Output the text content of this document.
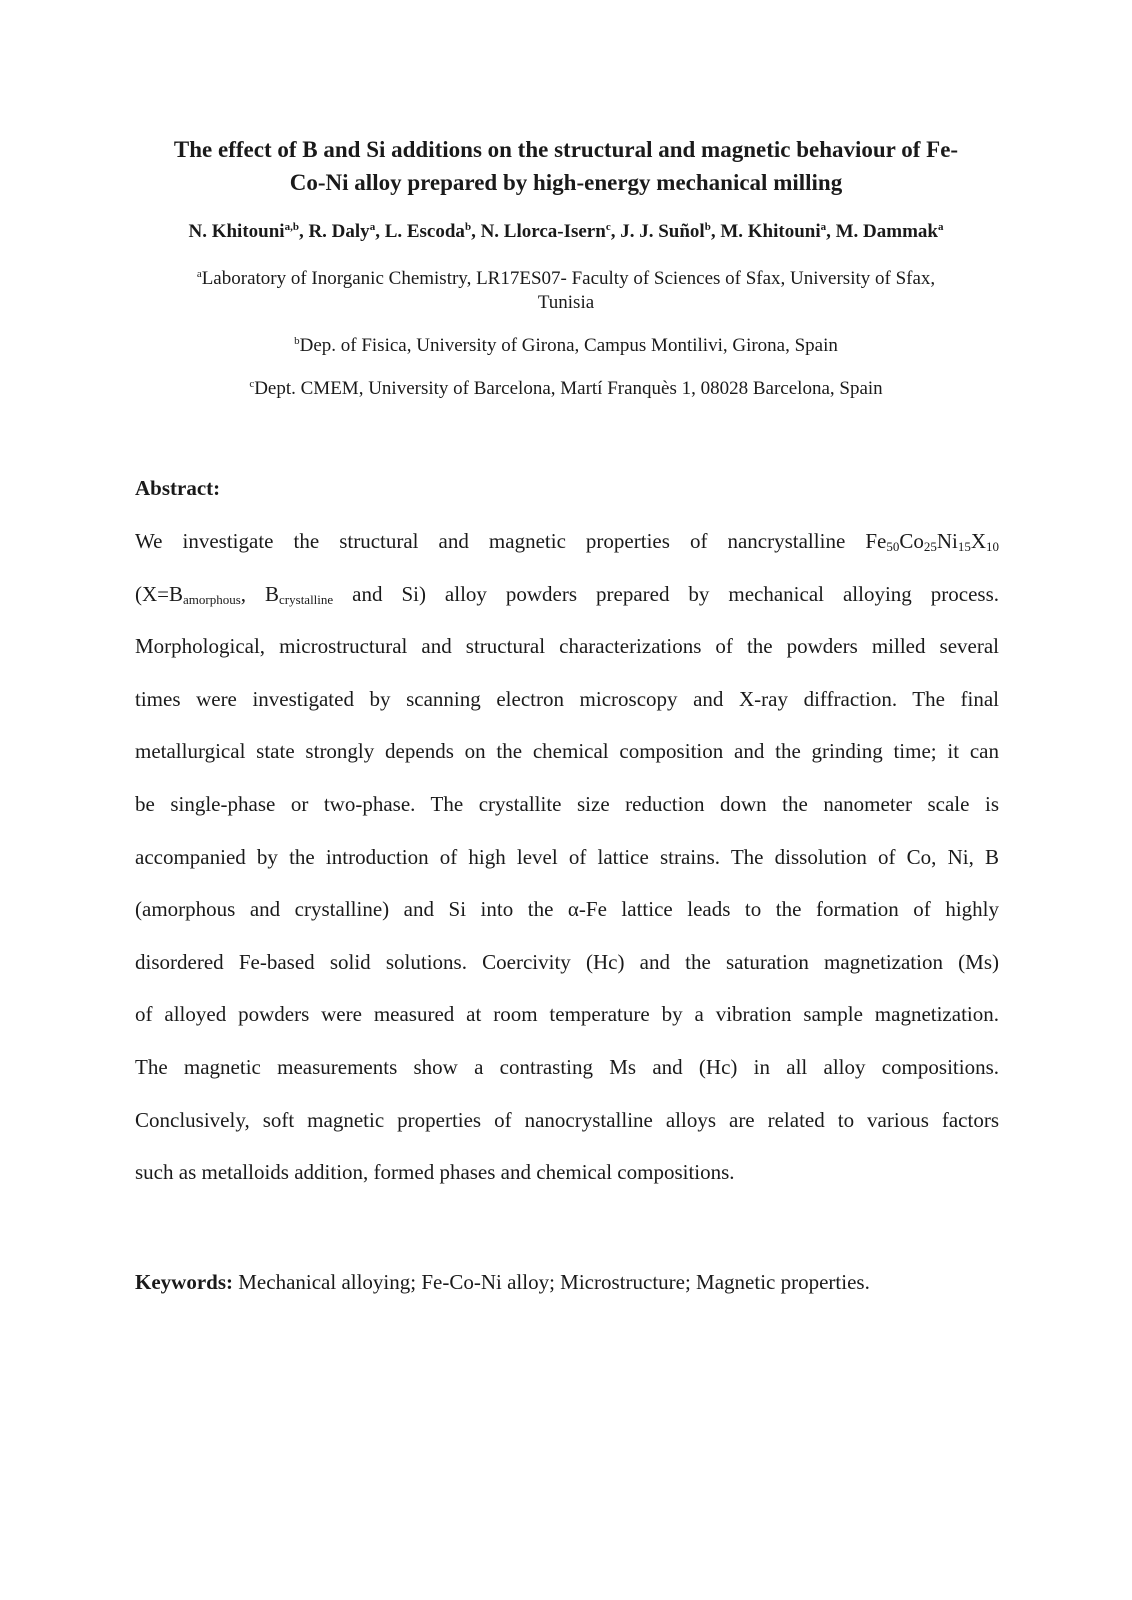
The effect of B and Si additions on the structural and magnetic behaviour of Fe-
Co-Ni alloy prepared by high-energy mechanical milling
N. Khitouni$^{a,b}$, R. Daly$^a$, L. Escoda$^b$, N. Llorca-Isern$^c$, J. J. Suñol$^b$, M. Khitouni$^a$, M. Dammak$^a$
$^a$Laboratory of Inorganic Chemistry, LR17ES07- Faculty of Sciences of Sfax, University of Sfax,
Tunisia
$^b$Dep. of Fisica, University of Girona, Campus Montilivi, Girona, Spain
$^c$Dept. CMEM, University of Barcelona, Martí Franquès 1, 08028 Barcelona, Spain
Abstract:
We investigate the structural and magnetic properties of nancrystalline $Fe_{50}Co_{25}Ni_{15}X_{10}$
($X=B_{amorphous}$, $B_{crystalline}$ and Si) alloy powders prepared by mechanical alloying process.
Morphological, microstructural and structural characterizations of the powders milled several
times were investigated by scanning electron microscopy and X-ray diffraction. The final
metallurgical state strongly depends on the chemical composition and the grinding time; it can
be single-phase or two-phase. The crystallite size reduction down the nanometer scale is
accompanied by the introduction of high level of lattice strains. The dissolution of Co, Ni, B
(amorphous and crystalline) and Si into the α-Fe lattice leads to the formation of highly
disordered Fe-based solid solutions. Coercivity (Hc) and the saturation magnetization (Ms)
of alloyed powders were measured at room temperature by a vibration sample magnetization.
The magnetic measurements show a contrasting Ms and (Hc) in all alloy compositions.
Conclusively, soft magnetic properties of nanocrystalline alloys are related to various factors
such as metalloids addition, formed phases and chemical compositions.
Keywords: Mechanical alloying; Fe-Co-Ni alloy; Microstructure; Magnetic properties.
